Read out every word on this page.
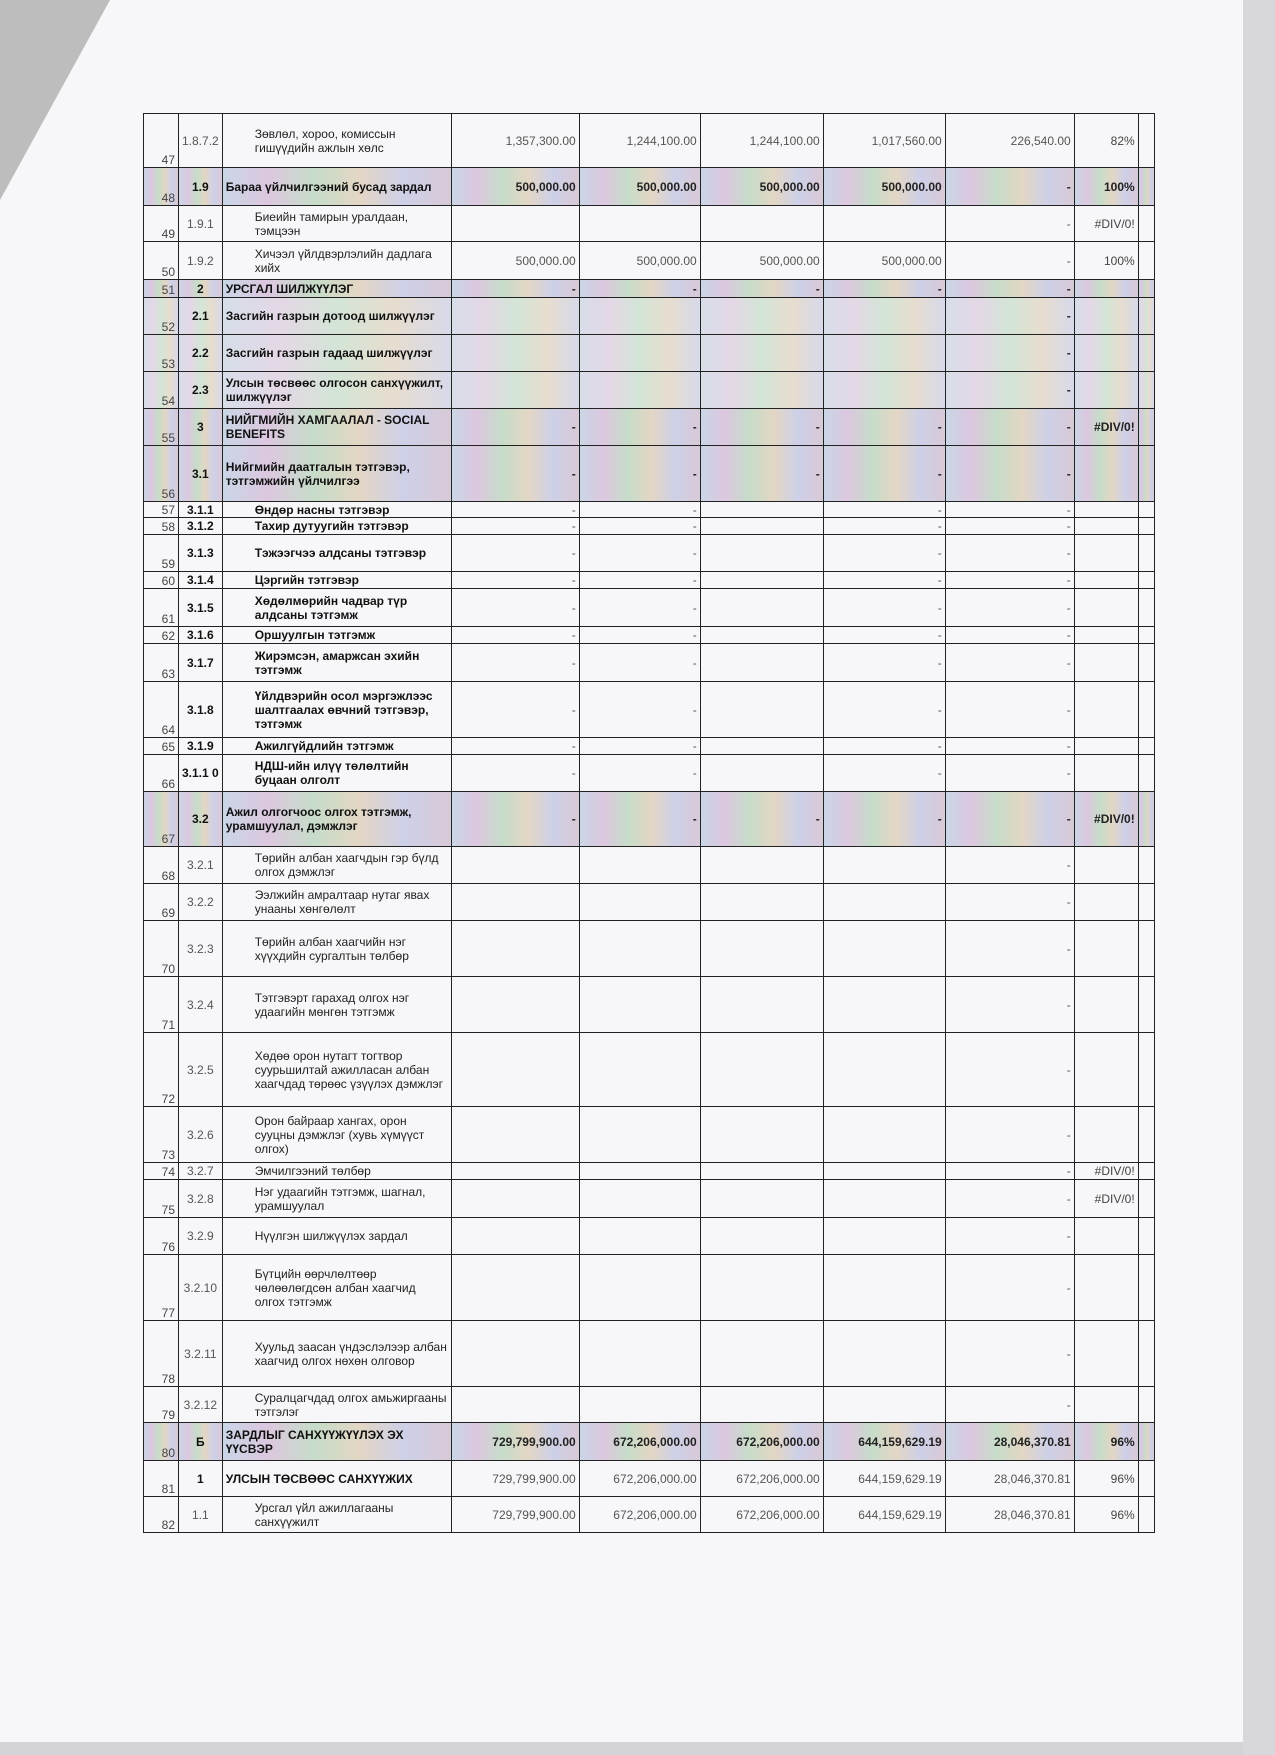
47	1.8.7.2	Зөвлөл, хороо, комиссын гишүүдийн ажлын хөлс	1,357,300.00	1,244,100.00	1,244,100.00	1,017,560.00	226,540.00	82%	
48	1.9	Бараа үйлчилгээний бусад зардал	500,000.00	500,000.00	500,000.00	500,000.00	-	100%	
49	1.9.1	Биеийн тамирын уралдаан, тэмцээн					-	#DIV/0!	
50	1.9.2	Хичээл үйлдвэрлэлийн дадлага хийх	500,000.00	500,000.00	500,000.00	500,000.00	-	100%	
51	2	УРСГАЛ ШИЛЖҮҮЛЭГ	-	-	-	-	-		
52	2.1	Засгийн газрын дотоод шилжүүлэг					-		
53	2.2	Засгийн газрын гадаад шилжүүлэг					-		
54	2.3	Улсын төсвөөс олгосон санхүүжилт, шилжүүлэг					-		
55	3	НИЙГМИЙН ХАМГААЛАЛ - SOCIAL BENEFITS	-	-	-	-	-	#DIV/0!	
56	3.1	Нийгмийн даатгалын тэтгэвэр, тэтгэмжийн үйлчилгээ	-	-	-	-	-		
57	3.1.1	Өндөр насны тэтгэвэр	-	-		-	-		
58	3.1.2	Тахир дутуугийн тэтгэвэр	-	-		-	-		
59	3.1.3	Тэжээгчээ алдсаны тэтгэвэр	-	-		-	-		
60	3.1.4	Цэргийн тэтгэвэр	-	-		-	-		
61	3.1.5	Хөдөлмөрийн чадвар түр алдсаны тэтгэмж	-	-		-	-		
62	3.1.6	Оршуулгын тэтгэмж	-	-		-	-		
63	3.1.7	Жирэмсэн, амаржсан эхийн тэтгэмж	-	-		-	-		
64	3.1.8	Үйлдвэрийн осол мэргэжлээс шалтгаалах өвчний тэтгэвэр, тэтгэмж	-	-		-	-		
65	3.1.9	Ажилгүйдлийн тэтгэмж	-	-		-	-		
66	3.1.1 0	НДШ-ийн илүү төлөлтийн буцаан олголт	-	-		-	-		
67	3.2	Ажил олгогчоос олгох тэтгэмж, урамшуулал, дэмжлэг	-	-	-	-	-	#DIV/0!	
68	3.2.1	Төрийн албан хаагчдын гэр бүлд олгох дэмжлэг					-		
69	3.2.2	Ээлжийн амралтаар нутаг явах унааны хөнгөлөлт					-		
70	3.2.3	Төрийн албан хаагчийн нэг хүүхдийн сургалтын төлбөр					-		
71	3.2.4	Тэтгэвэрт гарахад олгох нэг удаагийн мөнгөн тэтгэмж					-		
72	3.2.5	Хөдөө орон нутагт тогтвор суурьшилтай ажилласан албан хаагчдад төрөөс үзүүлэх дэмжлэг					-		
73	3.2.6	Орон байраар хангах, орон сууцны дэмжлэг (хувь хүмүүст олгох)					-		
74	3.2.7	Эмчилгээний төлбөр					-	#DIV/0!	
75	3.2.8	Нэг удаагийн тэтгэмж, шагнал, урамшуулал					-	#DIV/0!	
76	3.2.9	Нүүлгэн шилжүүлэх зардал					-		
77	3.2.10	Бүтцийн өөрчлөлтөөр чөлөөлөгдсөн албан хаагчид олгох тэтгэмж					-		
78	3.2.11	Хуульд заасан үндэслэлээр албан хаагчид олгох нөхөн олговор					-		
79	3.2.12	Суралцагчдад олгох амьжиргааны тэтгэлэг					-		
80	Б	ЗАРДЛЫГ САНХҮҮЖҮҮЛЭХ ЭХ ҮҮСВЭР	729,799,900.00	672,206,000.00	672,206,000.00	644,159,629.19	28,046,370.81	96%	
81	1	УЛСЫН ТӨСВӨӨС САНХҮҮЖИХ	729,799,900.00	672,206,000.00	672,206,000.00	644,159,629.19	28,046,370.81	96%	
82	1.1	Урсгал үйл ажиллагааны санхүүжилт	729,799,900.00	672,206,000.00	672,206,000.00	644,159,629.19	28,046,370.81	96%	
